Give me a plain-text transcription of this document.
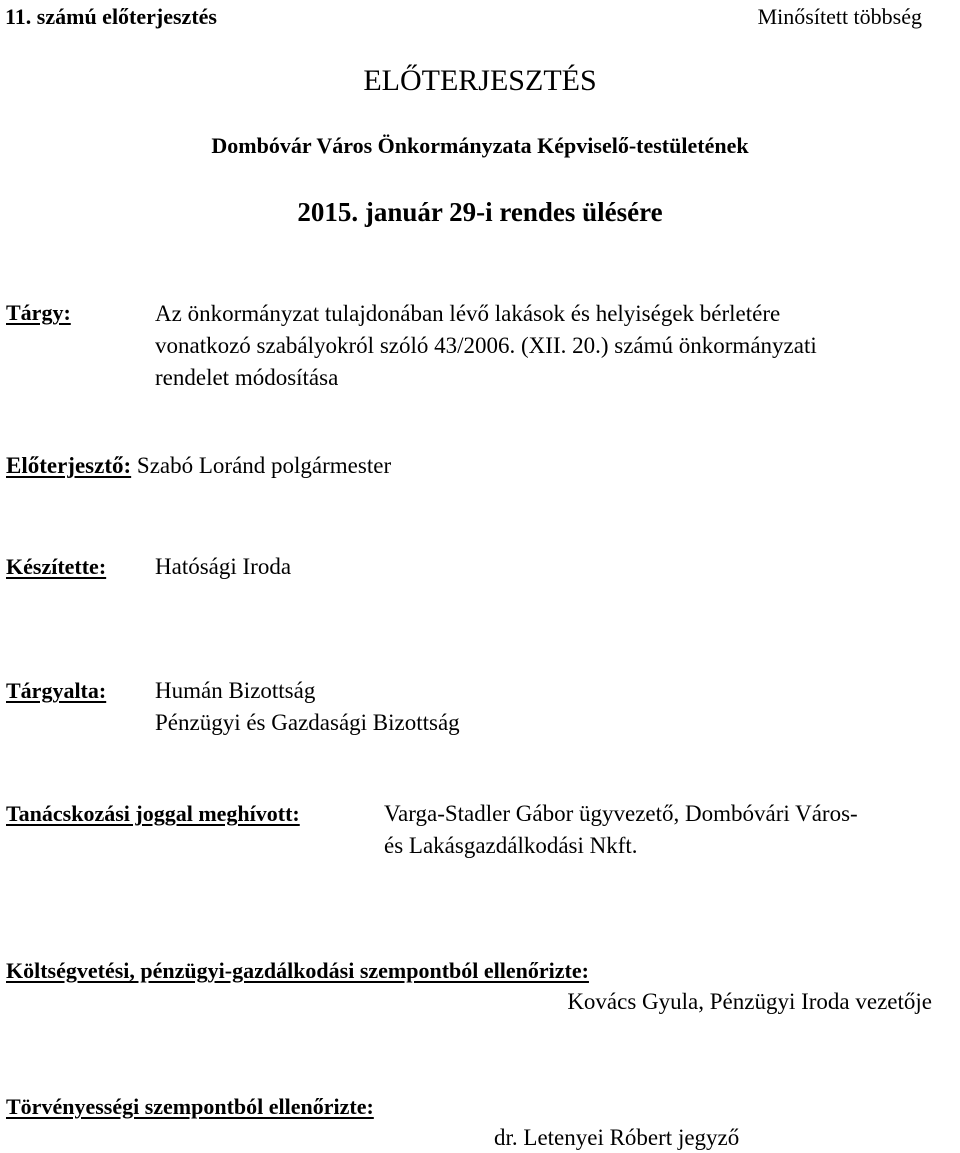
11. számú előterjesztés	Minősített többség
ELŐTERJESZTÉS
Dombóvár Város Önkormányzata Képviselő-testületének
2015. január 29-i rendes ülésére
Tárgy:	Az önkormányzat tulajdonában lévő lakások és helyiségek bérletére
vonatkozó szabályokról szóló 43/2006. (XII. 20.) számú önkormányzati
rendelet módosítása
Előterjesztő: Szabó Loránd polgármester
Készítette: Hatósági Iroda
Tárgyalta: Humán Bizottság
Pénzügyi és Gazdasági Bizottság
Tanácskozási joggal meghívott:	Varga-Stadler Gábor ügyvezető, Dombóvári Város-
és Lakásgazdálkodási Nkft.
Költségvetési, pénzügyi-gazdálkodási szempontból ellenőrizte:
Kovács Gyula, Pénzügyi Iroda vezetője
Törvényességi szempontból ellenőrizte:
dr. Letenyei Róbert jegyző
